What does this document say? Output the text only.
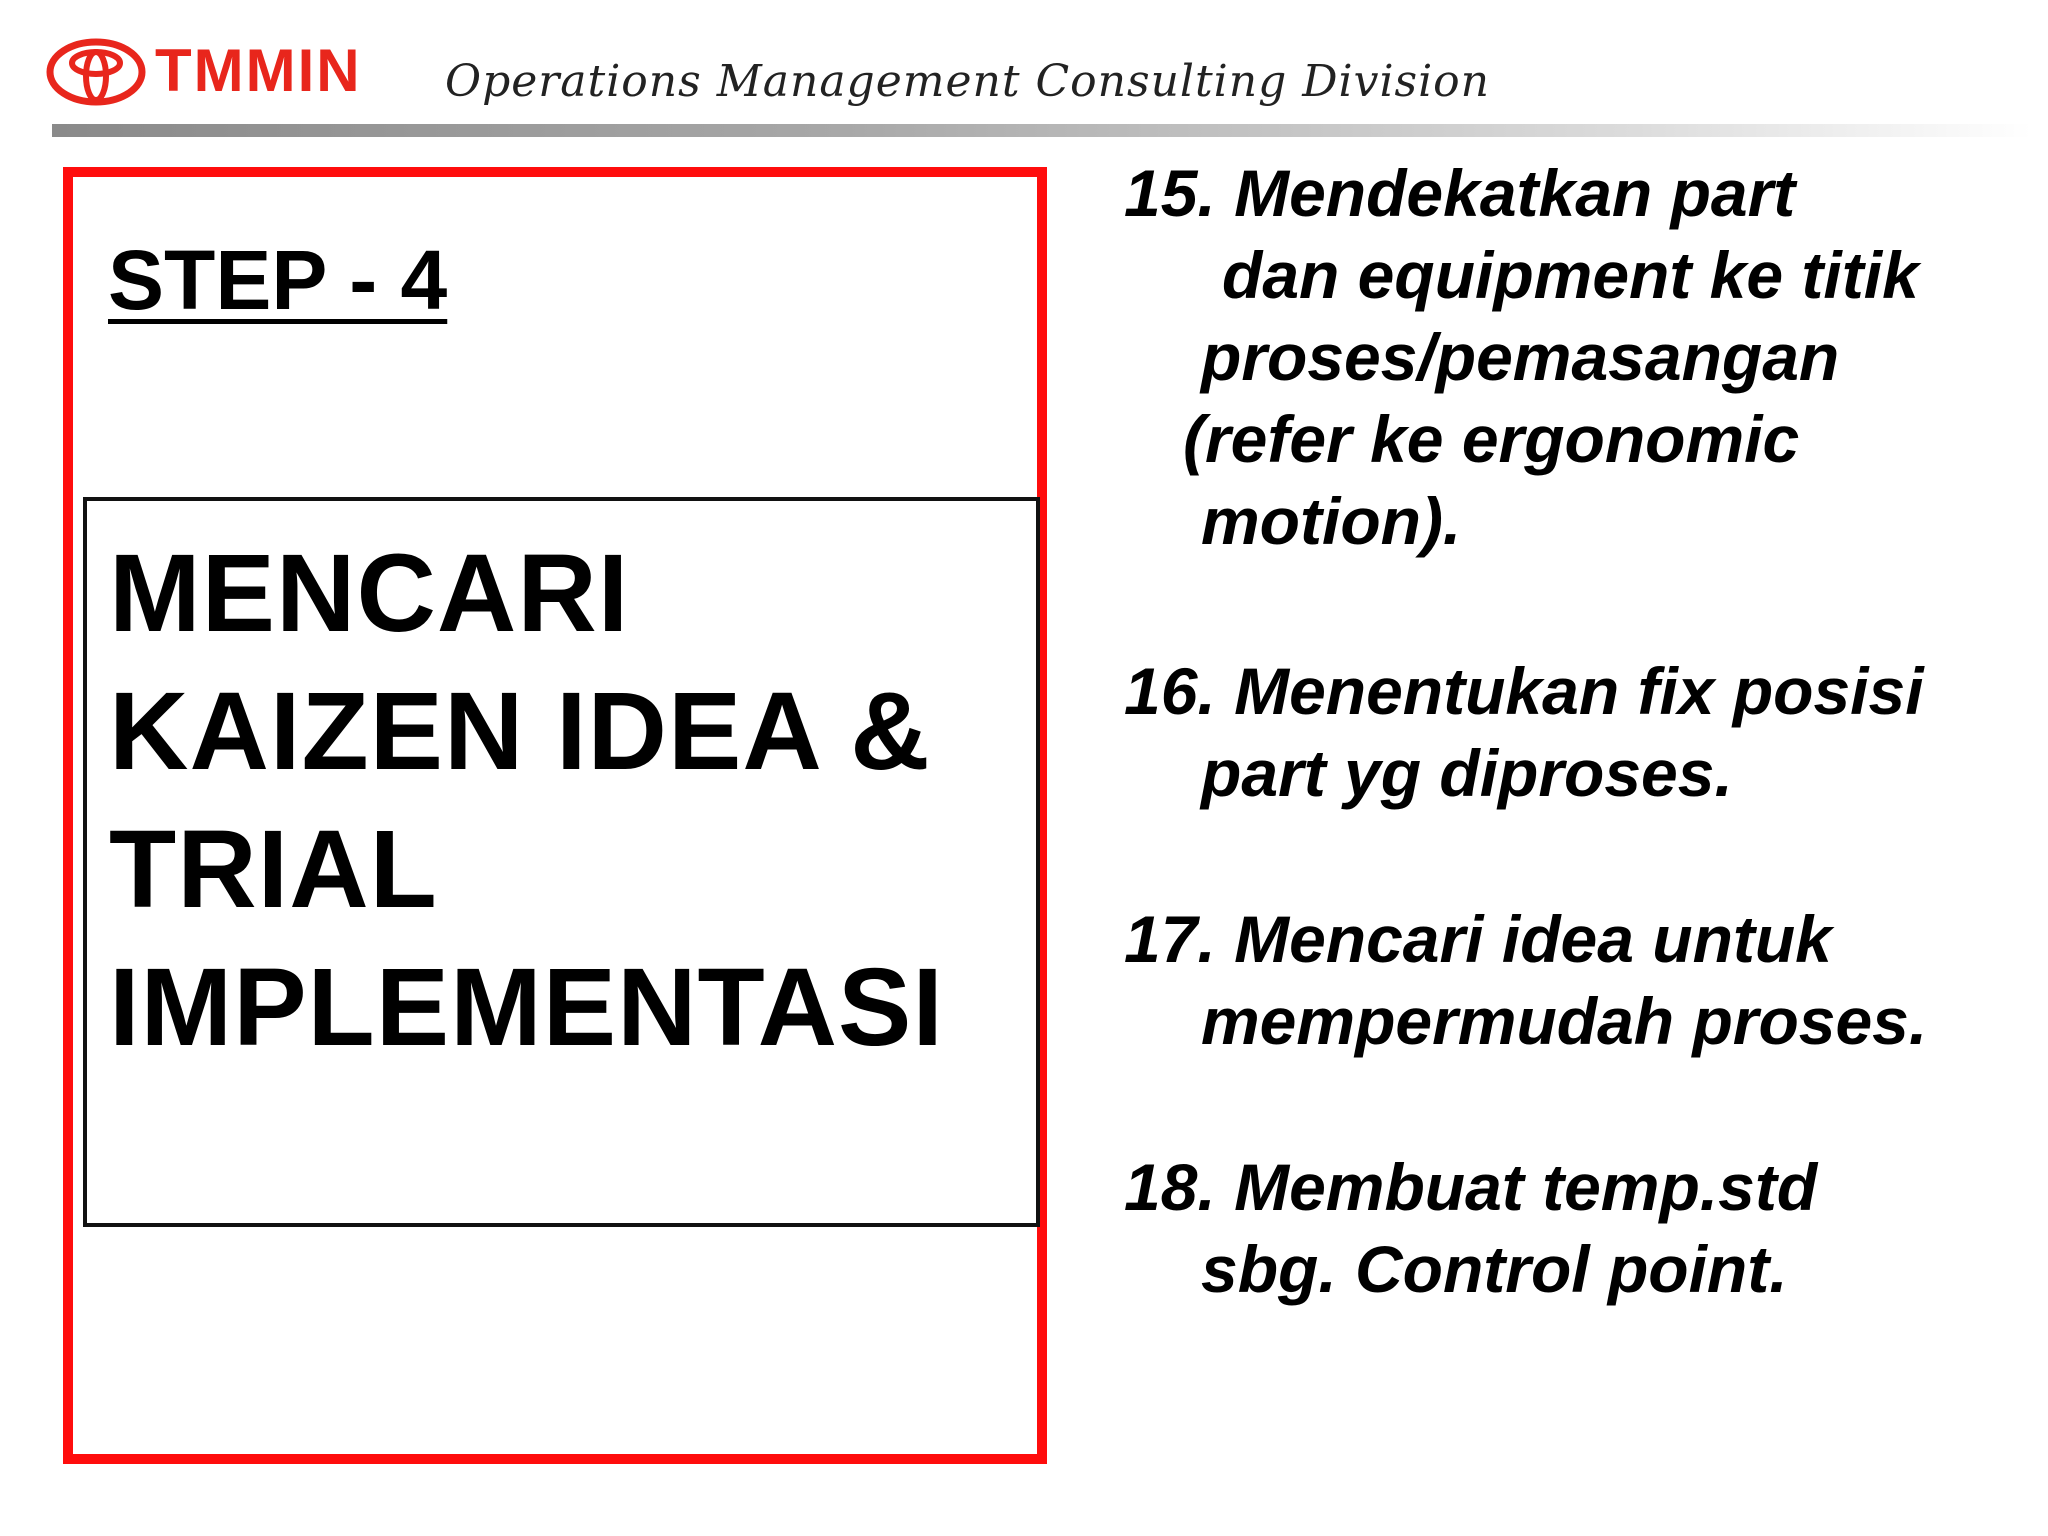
TMMIN Operations Management Consulting Division
STEP - 4
MENCARI
KAIZEN IDEA &
TRIAL
IMPLEMENTASI
15. Mendekatkan part
dan equipment ke titik
proses/pemasangan
(refer ke ergonomic
motion).
16. Menentukan fix posisi
part yg diproses.
17. Mencari idea untuk
mempermudah proses.
18. Membuat temp.std
sbg. Control point.
